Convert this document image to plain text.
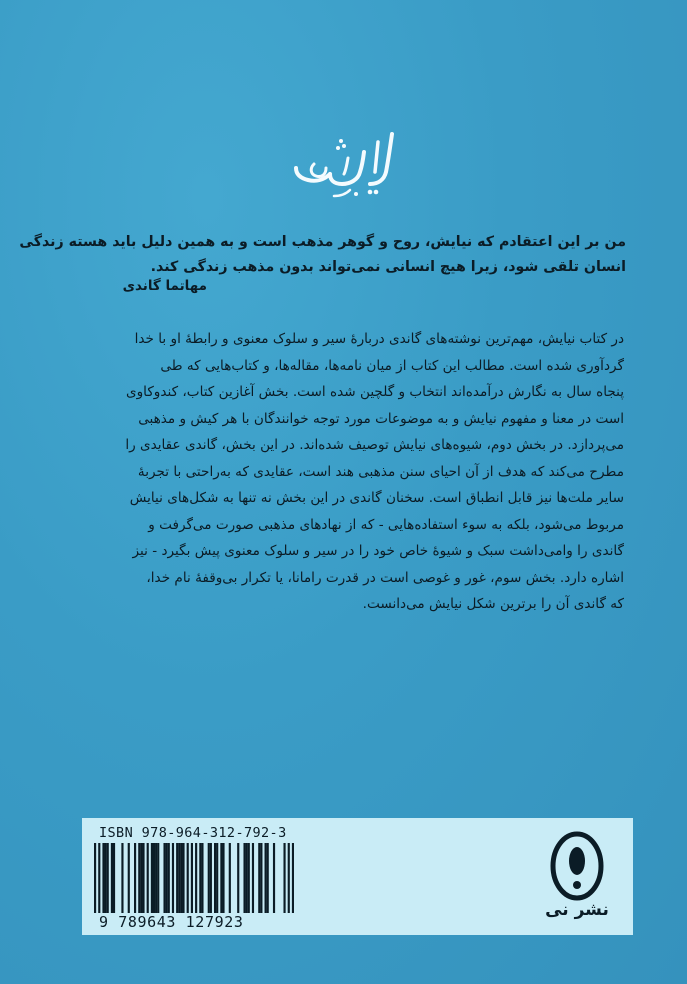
من بر این اعتقادم که نیایش، روح و گوهر مذهب است و به همین دلیل باید هسته زندگی
انسان تلقی شود، زیرا هیچ انسانی نمی‌تواند بدون مذهب زندگی کند.
مهاتما گاندی
در کتاب نیایش، مهم‌ترین نوشته‌های گاندی دربارهٔ سیر و سلوک معنوی و رابطهٔ او با خدا
گردآوری شده است. مطالب این کتاب از میان نامه‌ها، مقاله‌ها، و کتاب‌هایی که طی
پنجاه سال به نگارش درآمده‌اند انتخاب و گلچین شده است. بخش آغازین کتاب، کندوکاوی
است در معنا و مفهوم نیایش و به موضوعات مورد توجه خوانندگان با هر کیش و مذهبی
می‌پردازد. در بخش دوم، شیوه‌های نیایش توصیف شده‌اند. در این بخش، گاندی عقایدی را
مطرح می‌کند که هدف از آن احیای سنن مذهبی هند است، عقایدی که به‌راحتی با تجربهٔ
سایر ملت‌ها نیز قابل انطباق است. سخنان گاندی در این بخش نه تنها به شکل‌های نیایش
مربوط می‌شود، بلکه به سوء استفاده‌هایی - که از نهادهای مذهبی صورت می‌گرفت و
گاندی را وامی‌داشت سبک و شیوهٔ خاص خود را در سیر و سلوک معنوی پیش بگیرد - نیز
اشاره دارد. بخش سوم، غور و غوصی است در قدرت رامانا، یا تکرار بی‌وقفهٔ نام خدا،
که گاندی آن را برترین شکل نیایش می‌دانست.
ISBN 978-964-312-792-3
9 789643 127923
نشر نی
